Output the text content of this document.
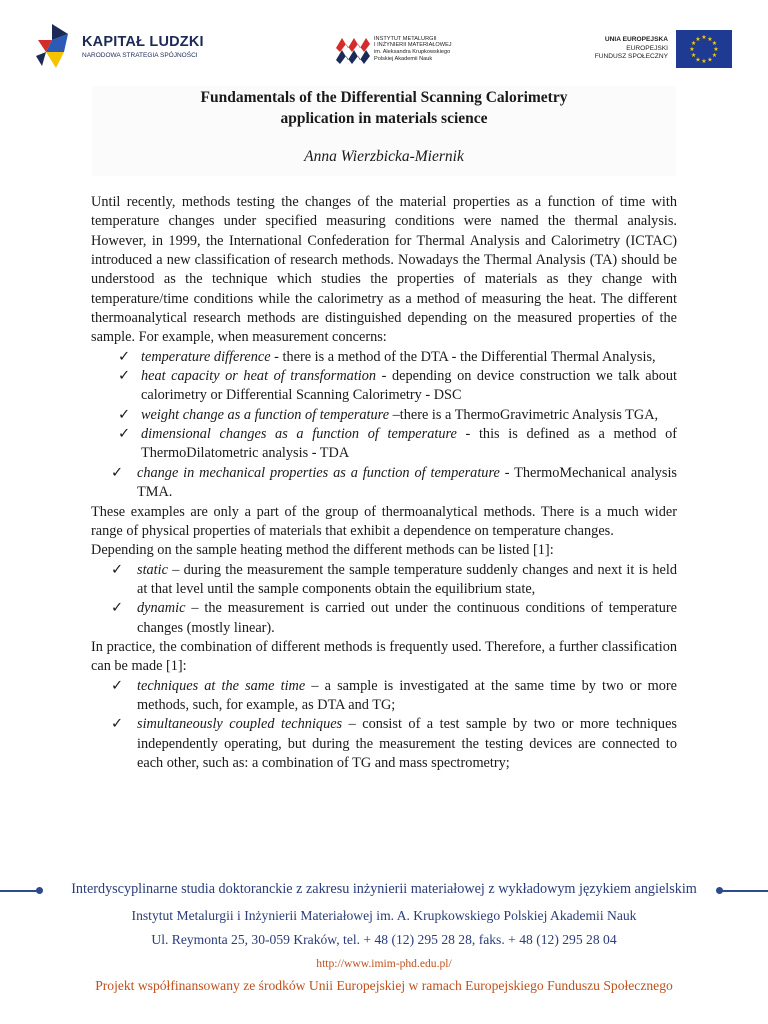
KAPITAŁ LUDZKI
NARODOWA STRATEGIA SPÓJNOŚCI
INSTYTUT METALURGII
I INŻYNIERII MATERIAŁOWEJ
im. Aleksandra Krupkowskiego
Polskiej Akademii Nauk
UNIA EUROPEJSKA
EUROPEJSKI
FUNDUSZ SPOŁECZNY
★
★
★
★
★
★
★
★
★ ★ ★
★
Fundamentals of the Differential Scanning Calorimetry
application in materials science
Anna Wierzbicka-Miernik

Until recently, methods testing the changes of the material properties as a function of time with temperature changes under specified measuring conditions were named the thermal analysis. However, in 1999, the International Confederation for Thermal Analysis and Calorimetry (ICTAC) introduced a new classification of research methods. Nowadays the Thermal Analysis (TA) should be understood as the technique which studies the properties of materials as they change with temperature/time conditions while the calorimetry as a method of measuring the heat. The different thermoanalytical research methods are distinguished depending on the measured properties of the sample. For example, when measurement concerns:

✓ temperature difference - there is a method of the DTA - the Differential Thermal Analysis,

✓ heat capacity or heat of transformation - depending on device construction we talk about calorimetry or Differential Scanning Calorimetry - DSC

✓ weight change as a function of temperature –there is a ThermoGravimetric Analysis TGA,

✓ dimensional changes as a function of temperature - this is defined as a method of ThermoDilatometric analysis - TDA

✓ change in mechanical properties as a function of temperature - ThermoMechanical analysis TMA.

These examples are only a part of the group of thermoanalytical methods. There is a much wider range of physical properties of materials that exhibit a dependence on temperature changes.

Depending on the sample heating method the different methods can be listed [1]:

✓ static – during the measurement the sample temperature suddenly changes and next it is held at that level until the sample components obtain the equilibrium state,

✓ dynamic – the measurement is carried out under the continuous conditions of temperature changes (mostly linear).

In practice, the combination of different methods is frequently used. Therefore, a further classification can be made [1]:

✓ techniques at the same time – a sample is investigated at the same time by two or more methods, such, for example, as DTA and TG;

✓ simultaneously coupled techniques – consist of a test sample by two or more techniques independently operating, but during the measurement the testing devices are connected to each other, such as: a combination of TG and mass spectrometry;

Interdyscyplinarne studia doktoranckie z zakresu inżynierii materiałowej z wykładowym językiem angielskim
Instytut Metalurgii i Inżynierii Materiałowej im. A. Krupkowskiego Polskiej Akademii Nauk
Ul. Reymonta 25, 30-059 Kraków, tel. + 48 (12) 295 28 28, faks. + 48 (12) 295 28 04
http://www.imim-phd.edu.pl/
Projekt współfinansowany ze środków Unii Europejskiej w ramach Europejskiego Funduszu Społecznego
